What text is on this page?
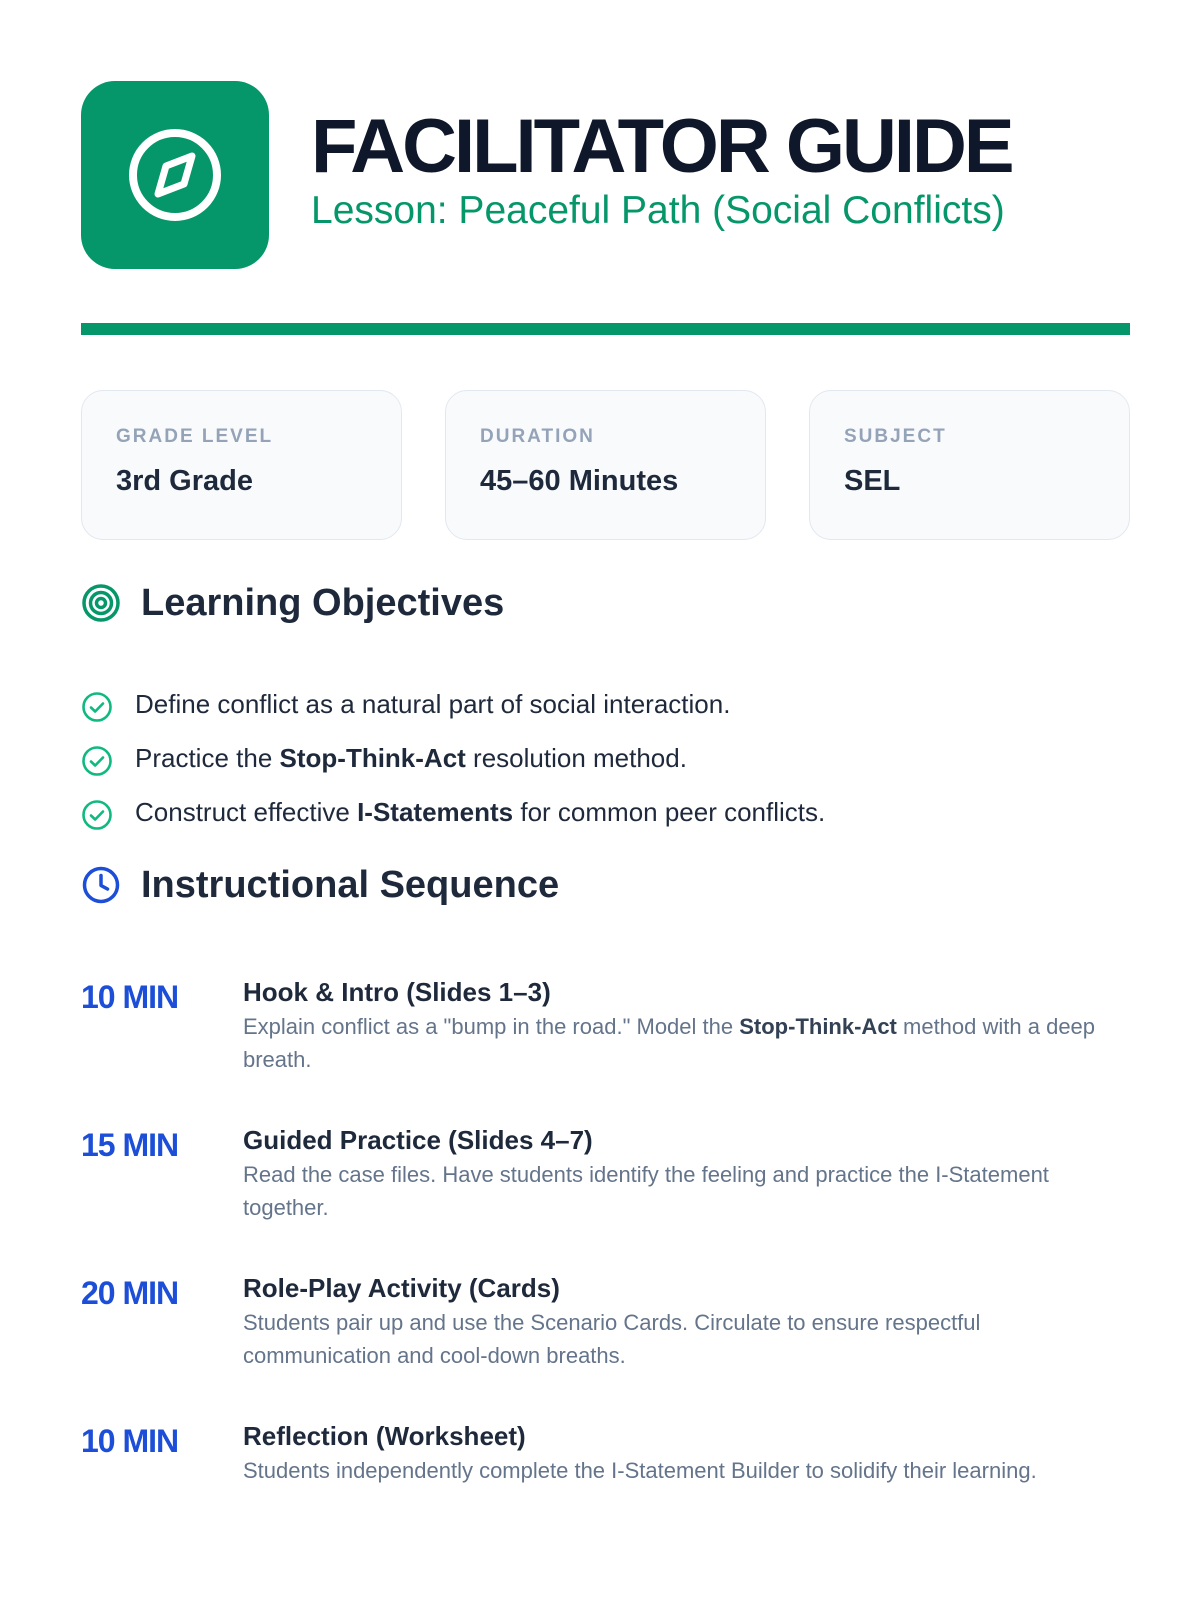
FACILITATOR GUIDE
Lesson: Peaceful Path (Social Conflicts)
GRADE LEVEL
3rd Grade
DURATION
45–60 Minutes
SUBJECT
SEL
Learning Objectives
Define conflict as a natural part of social interaction.
Practice the Stop-Think-Act resolution method.
Construct effective I-Statements for common peer conflicts.
Instructional Sequence
10 MIN	Hook & Intro (Slides 1–3)
Explain conflict as a "bump in the road." Model the Stop-Think-Act method with a deep breath.
15 MIN	Guided Practice (Slides 4–7)
Read the case files. Have students identify the feeling and practice the I-Statement together.
20 MIN	Role-Play Activity (Cards)
Students pair up and use the Scenario Cards. Circulate to ensure respectful communication and cool-down breaths.
10 MIN	Reflection (Worksheet)
Students independently complete the I-Statement Builder to solidify their learning.
